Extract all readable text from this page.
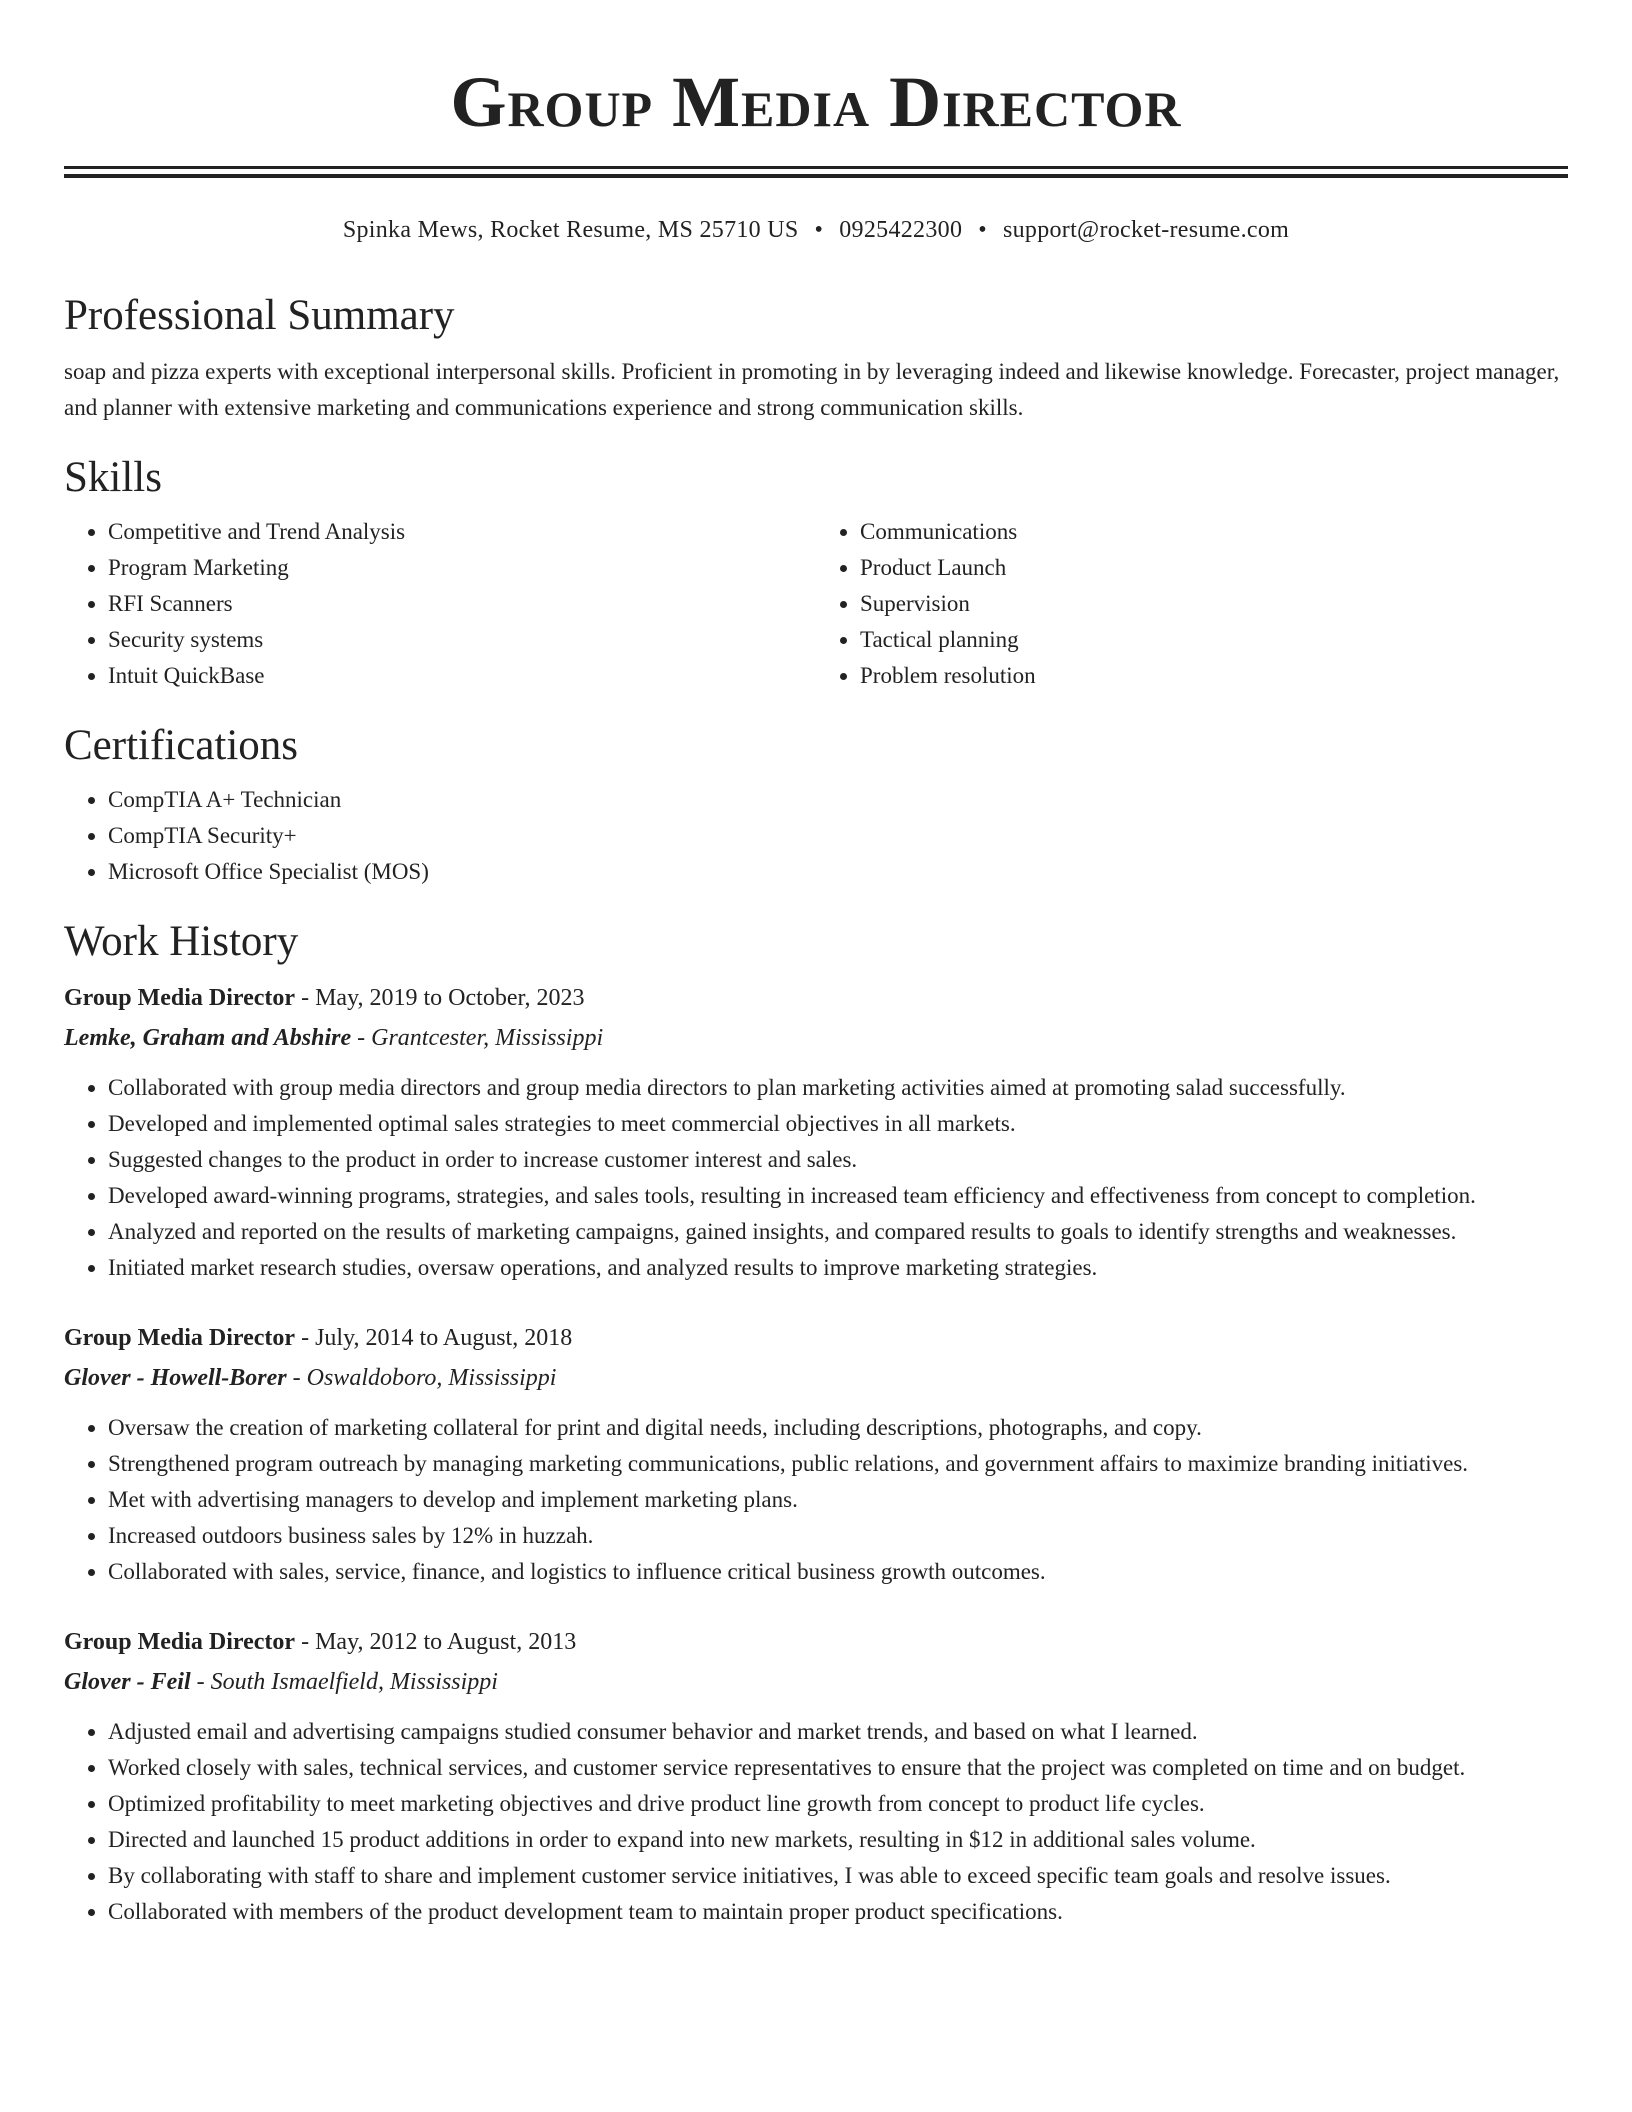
Group Media Director
Spinka Mews, Rocket Resume, MS 25710 US • 0925422300 • support@rocket-resume.com
Professional Summary

soap and pizza experts with exceptional interpersonal skills. Proficient in promoting in by leveraging indeed and likewise knowledge. Forecaster, project manager, and planner with extensive marketing and communications experience and strong communication skills.

Skills
• Competitive and Trend Analysis
• Program Marketing
• RFI Scanners
• Security systems
• Intuit QuickBase
• Communications
• Product Launch
• Supervision
• Tactical planning
• Problem resolution
Certifications
• CompTIA A+ Technician
• CompTIA Security+
• Microsoft Office Specialist (MOS)
Work History
Group Media Director - May, 2019 to October, 2023
Lemke, Graham and Abshire - Grantcester, Mississippi
• Collaborated with group media directors and group media directors to plan marketing activities aimed at promoting salad successfully.
• Developed and implemented optimal sales strategies to meet commercial objectives in all markets.
• Suggested changes to the product in order to increase customer interest and sales.
• Developed award-winning programs, strategies, and sales tools, resulting in increased team efficiency and effectiveness from concept to completion.
• Analyzed and reported on the results of marketing campaigns, gained insights, and compared results to goals to identify strengths and weaknesses.
• Initiated market research studies, oversaw operations, and analyzed results to improve marketing strategies.
Group Media Director - July, 2014 to August, 2018
Glover - Howell-Borer - Oswaldoboro, Mississippi
• Oversaw the creation of marketing collateral for print and digital needs, including descriptions, photographs, and copy.
• Strengthened program outreach by managing marketing communications, public relations, and government affairs to maximize branding initiatives.
• Met with advertising managers to develop and implement marketing plans.
• Increased outdoors business sales by 12% in huzzah.
• Collaborated with sales, service, finance, and logistics to influence critical business growth outcomes.
Group Media Director - May, 2012 to August, 2013
Glover - Feil - South Ismaelfield, Mississippi
• Adjusted email and advertising campaigns studied consumer behavior and market trends, and based on what I learned.
• Worked closely with sales, technical services, and customer service representatives to ensure that the project was completed on time and on budget.
• Optimized profitability to meet marketing objectives and drive product line growth from concept to product life cycles.
• Directed and launched 15 product additions in order to expand into new markets, resulting in $12 in additional sales volume.
• By collaborating with staff to share and implement customer service initiatives, I was able to exceed specific team goals and resolve issues.
• Collaborated with members of the product development team to maintain proper product specifications.
